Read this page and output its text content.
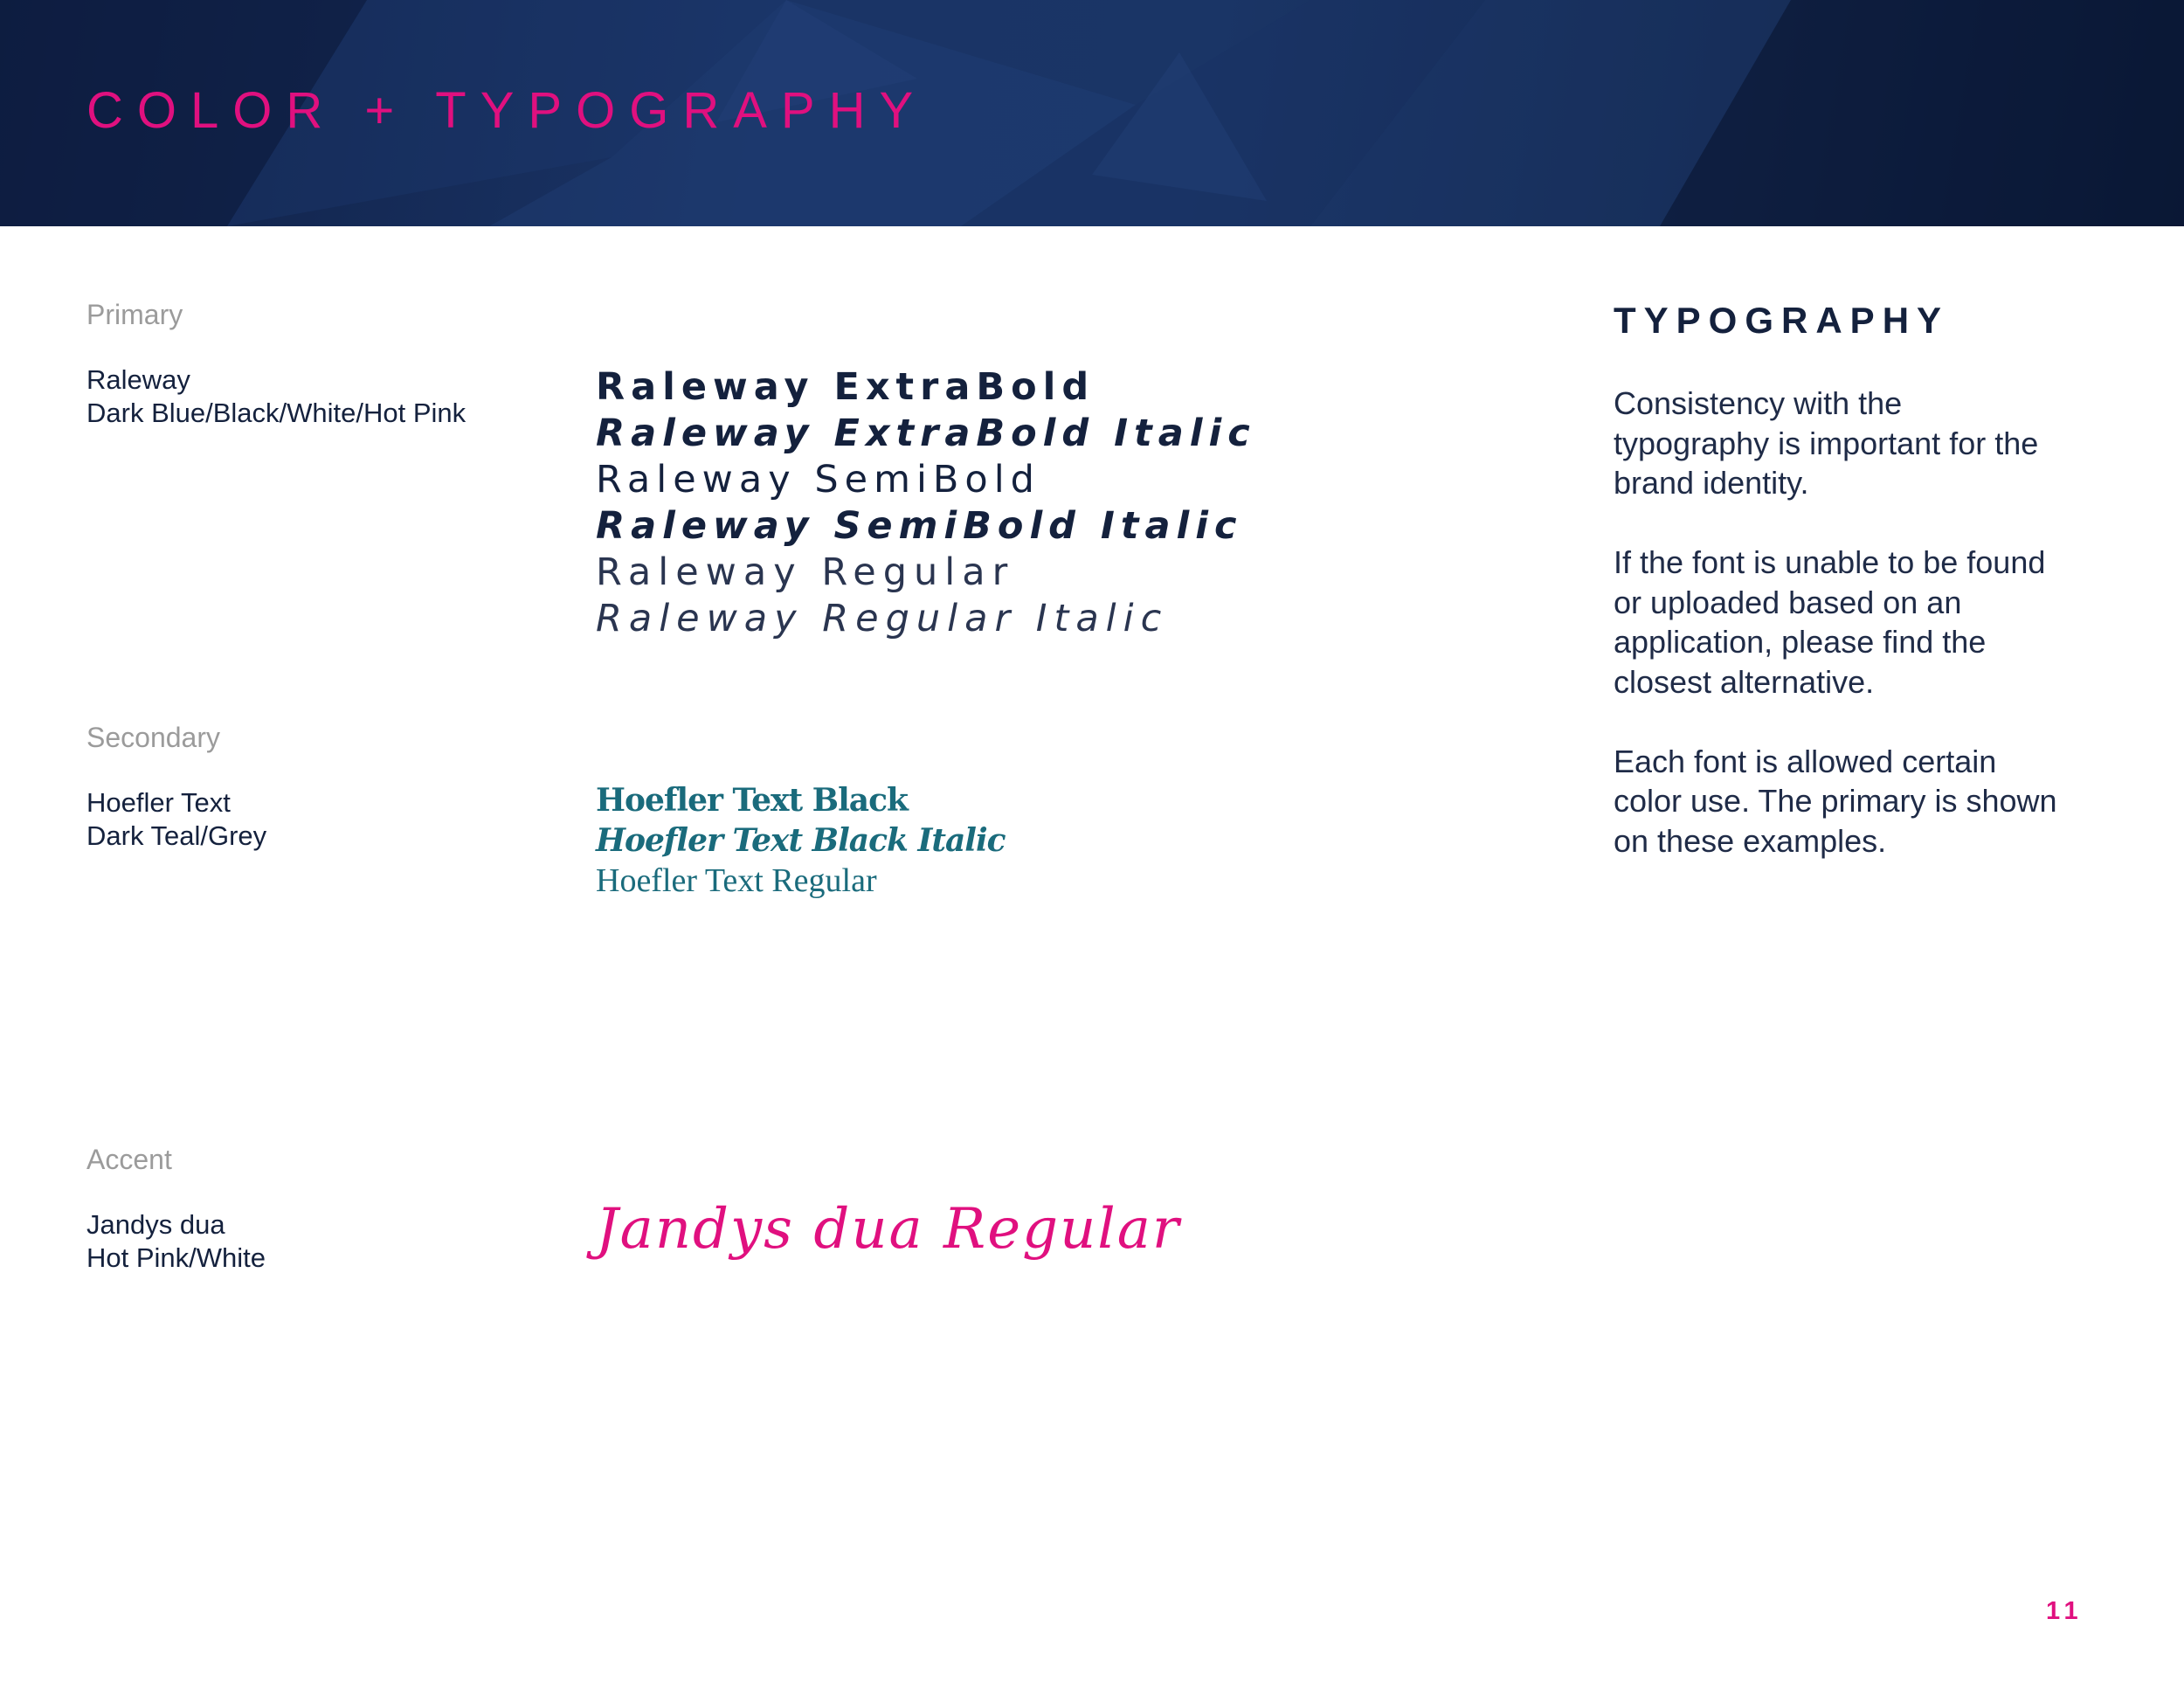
COLOR + TYPOGRAPHY
Primary
Raleway
Dark Blue/Black/White/Hot Pink
Raleway ExtraBold
Raleway ExtraBold Italic
Raleway SemiBold
Raleway SemiBold Italic
Raleway Regular
Raleway Regular Italic
Secondary
Hoefler Text
Dark Teal/Grey
Hoefler Text Black
Hoefler Text Black Italic
Hoefler Text Regular
Accent
Jandys dua
Hot Pink/White	Jandys dua Regular
TYPOGRAPHY

Consistency with the
typography is important for the
brand identity.

If the font is unable to be found
or uploaded based on an
application, please find the
closest alternative.

Each font is allowed certain
color use. The primary is shown
on these examples.

11
